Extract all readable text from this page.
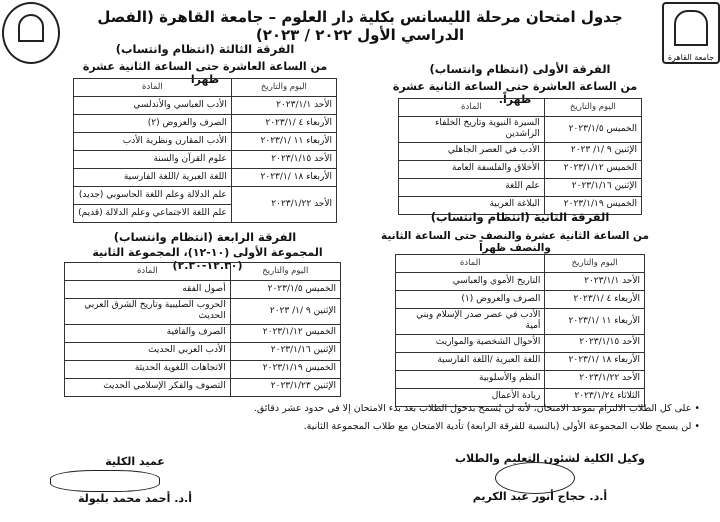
جامعة القاهرة
جدول امتحان مرحلة الليسانس بكلية دار العلوم – جامعة القاهرة (الفصل الدراسي الأول ٢٠٢٢ / ٢٠٢٣)
الفرقة الأولى (انتظام وانتساب)
من الساعة العاشرة حتى الساعة الثانية عشرة ظهراً.
اليوم والتاريخ	المادة
الخميس ٢٠٢٣/١/٥	السيرة النبوية وتاريخ الخلفاء الراشدين
الإثنين ٩ /١/ ٢٠٢٣	الأدب في العصر الجاهلي
الخميس ٢٠٢٣/١/١٢	الأخلاق والفلسفة العامة
الإثنين ٢٠٢٣/١/١٦	علم اللغة
الخميس ٢٠٢٣/١/١٩	البلاغة العربية
الفرقة الثانية (انتظام وانتساب)
من الساعة الثانية عشرة والنصف حتى الساعة الثانية والنصف ظهراً
اليوم والتاريخ	المادة
الأحد ٢٠٢٣/١/١	التاريخ الأموي والعباسي
الأربعاء ٤ /٢٠٢٣/١	الصرف والعروض (١)
الأربعاء ١١ /٢٠٢٣/١	الأدب في عصر صدر الإسلام وبني أمية
الأحد ٢٠٢٣/١/١٥	الأحوال الشخصية والمواريث
الأربعاء ١٨ /٢٠٢٣/١	اللغة العبرية /اللغة الفارسية
الأحد ٢٠٢٣/١/٢٢	النظم والأسلوبية
الثلاثاء ٢٠٢٣/١/٢٤	ريادة الأعمال
الفرقة الثالثة (انتظام وانتساب)
من الساعة العاشرة حتى الساعة الثانية عشرة ظهرا
اليوم والتاريخ	المادة
الأحد ٢٠٢٣/١/١	الأدب العباسي والأندلسي
الأربعاء ٤ /٢٠٢٣/١	الصرف والعروض (٢)
الأربعاء ١١ /٢٠٢٣/١	الأدب المقارن ونظرية الأدب
الأحد ٢٠٢٣/١/١٥	علوم القرآن والسنة
الأربعاء ١٨ /٢٠٢٣/١	اللغة العبرية /اللغة الفارسية
الأحد ٢٠٢٣/١/٢٢	علم الدلالة وعلم اللغة الحاسوبي (جديد)
	علم اللغة الاجتماعي وعلم الدلالة (قديم)
الفرقة الرابعة (انتظام وانتساب)
المجموعة الأولى (١٠-١٢)، المجموعة الثانية (١٢.٣٠-٢.٣٠)	اليوم والتاريخ	المادة
الخميس ٢٠٢٣/١/٥	أصول الفقه
الإثنين ٩ /١/ ٢٠٢٣	الحروب الصليبية وتاريخ الشرق العربي الحديث
الخميس ٢٠٢٣/١/١٢	الصرف والقافية
الإثنين ٢٠٢٣/١/١٦	الأدب العربي الحديث
الخميس ٢٠٢٣/١/١٩	الاتجاهات اللغوية الحديثة
الإثنين ٢٠٢٣/١/٢٣	التصوف والفكر الإسلامي الحديث
• على كل الطلاب الالتزام بموعد الامتحان، لأنه لن يُسمح بدخول الطلاب بعد بدء الامتحان إلا في حدود عشر دقائق.
• لن يسمح طلاب المجموعة الأولى (بالنسبة للفرقة الرابعة) تأدية الامتحان مع طلاب المجموعة الثانية.
وكيل الكلية لشئون التعليم والطلاب
أ.د. حجاج أنور عبد الكريم
عميد الكلية
أ.د. أحمد محمد بلبولة
